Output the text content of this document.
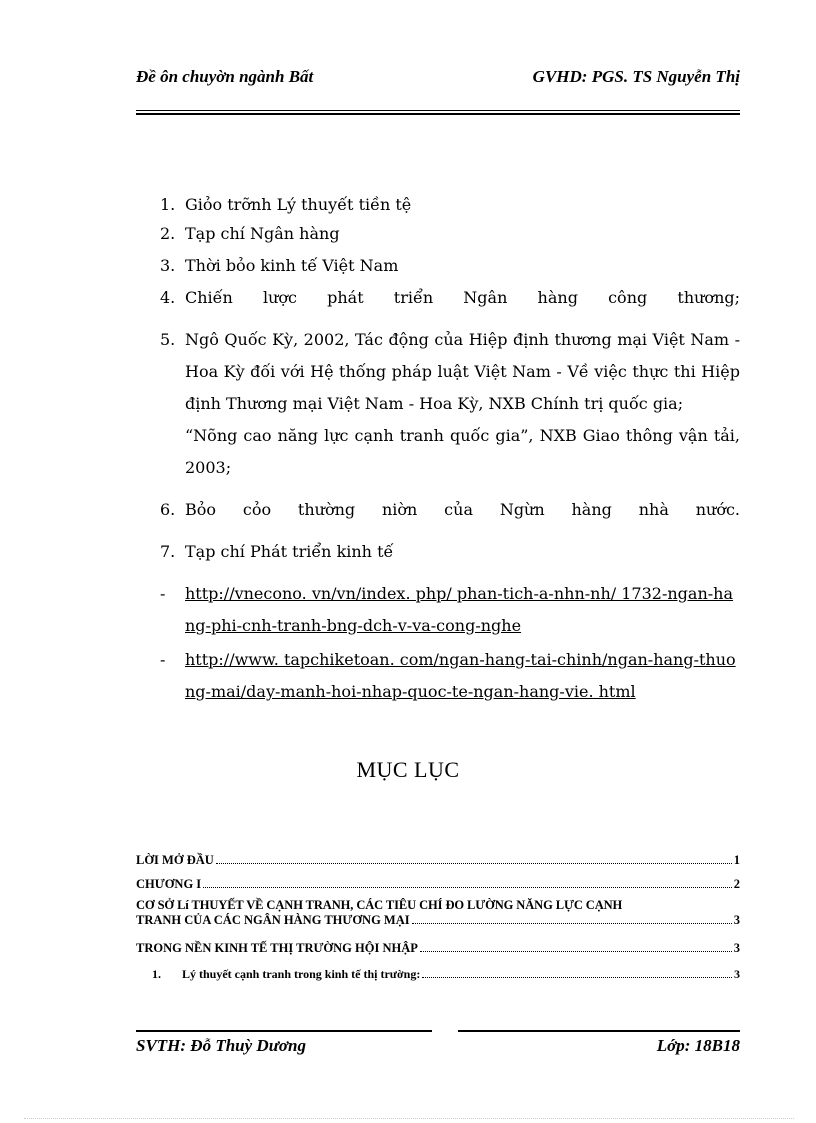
Đề ôn chuyờn ngành Bất	GVHD: PGS. TS Nguyễn Thị
1. Giỏo trỡnh Lý thuyết tiền tệ
2. Tạp chí Ngân hàng
3. Thời bỏo kinh tế Việt Nam
4. Chiến lược phát triển Ngân hàng công thương;
5. Ngô Quốc Kỳ, 2002, Tác động của Hiệp định thương mại Việt Nam - Hoa Kỳ đối với Hệ thống pháp luật Việt Nam - Về việc thực thi Hiệp định Thương mại Việt Nam - Hoa Kỳ, NXB Chính trị quốc gia;
“Nõng cao năng lực cạnh tranh quốc gia”, NXB Giao thông vận tải, 2003;
6. Bỏo cỏo thường niờn của Ngừn hàng nhà nước.
7. Tạp chí Phát triển kinh tế
- http://vnecono. vn/vn/index. php/ phan-tich-a-nhn-nh/ 1732-ngan-hang-phi-cnh-tranh-bng-dch-v-va-cong-nghe
- http://www. tapchiketoan. com/ngan-hang-tai-chinh/ngan-hang-thuong-mai/day-manh-hoi-nhap-quoc-te-ngan-hang-vie. html
MỤC LỤC
LỜI MỞ ĐẦU	1
CHƯƠNG I	2
CƠ SỞ Lí THUYẾT VỀ CẠNH TRANH, CÁC TIÊU CHÍ ĐO LƯỜNG NĂNG LỰC CẠNH
TRANH CỦA CÁC NGÂN HÀNG THƯƠNG MẠI	3
TRONG NỀN KINH TẾ THỊ TRƯỜNG HỘI NHẬP	3
1.	Lý thuyết cạnh tranh trong kinh tế thị trường:	3
SVTH: Đỗ Thuỳ Dương	Lớp: 18B18
